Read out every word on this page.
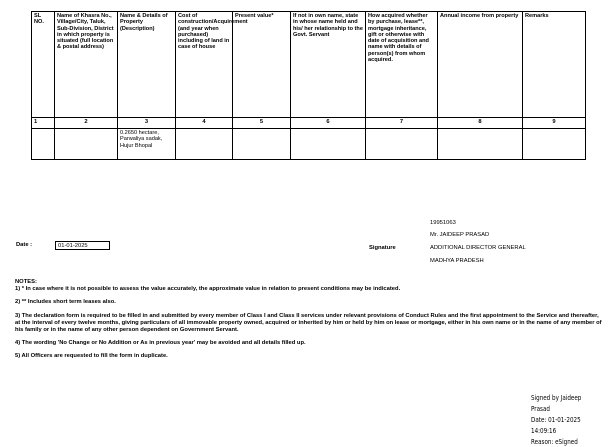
SL NO.	Name of Khasra No., Village/City, Taluk, Sub-Division, District in which property is situated (full location & postal address)	Name & Details of Property (Description)	Cost of construction/Acquirement (and year when purchased) including of land in case of house	Present value*	If not in own name, state in whose name held and his/ her relationship to the Govt. Servant	How acquired whether by purchase, lease**, mortgage inheritance, gift or otherwise with date of acquisition and name with details of person(s) from whom acquired.	Annual income from property	Remarks
1	2	3	4	5	6	7	8	9
		0.2650 hectare, Parwaliya sadak, Hujur Bhopal						
19951063
Mr. JAIDEEP PRASAD
Signature	ADDITIONAL DIRECTOR GENERAL
MADHYA PRADESH
Date :	01-01-2025
NOTES:

1) * In case where it is not possible to assess the value accurately, the approximate value in relation to present conditions may be indicated.

2) ** Includes short term leases also.

3) The declaration form is required to be filled in and submitted by every member of Class I and Class II services under relevant provisions of Conduct Rules and the first appointment to the Service and thereafter, at the interval of every twelve months, giving particulars of all immovable property owned, acquired or inherited by him or held by him on lease or mortgage, either in his own name or in the name of any member of his family or in the name of any other person dependent on Government Servant.

4) The wording 'No Change or No Addition or As in previous year' may be avoided and all details filled up.

5) All Officers are requested to fill the form in duplicate.

Signed by Jaideep Prasad
Date: 01-01-2025 14:09:16
Reason: eSigned
